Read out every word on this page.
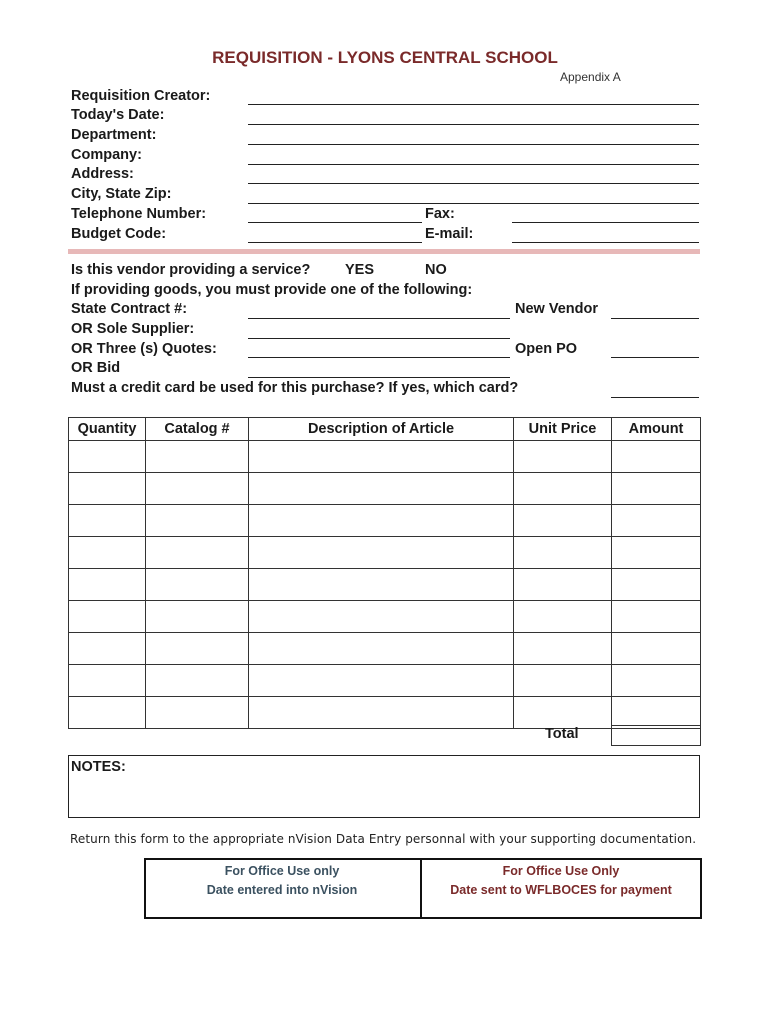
REQUISITION - LYONS CENTRAL SCHOOL
Appendix A
Requisition Creator:
Today's Date:
Department:
Company:
Address:
City, State Zip:
Telephone Number:	Fax:
Budget Code:	E-mail:
Is this vendor providing a service? YES	NO
If providing goods, you must provide one of the following:
State Contract #:	New Vendor
OR Sole Supplier:
OR Three (s) Quotes:	Open PO
OR Bid
Must a credit card be used for this purchase? If yes, which card?
Quantity	Catalog #	Description of Article	Unit Price	Amount

Total
NOTES:
Return this form to the appropriate nVision Data Entry personnal with your supporting documentation.
For Office Use only
Date entered into nVision
For Office Use Only
Date sent to WFLBOCES for payment
